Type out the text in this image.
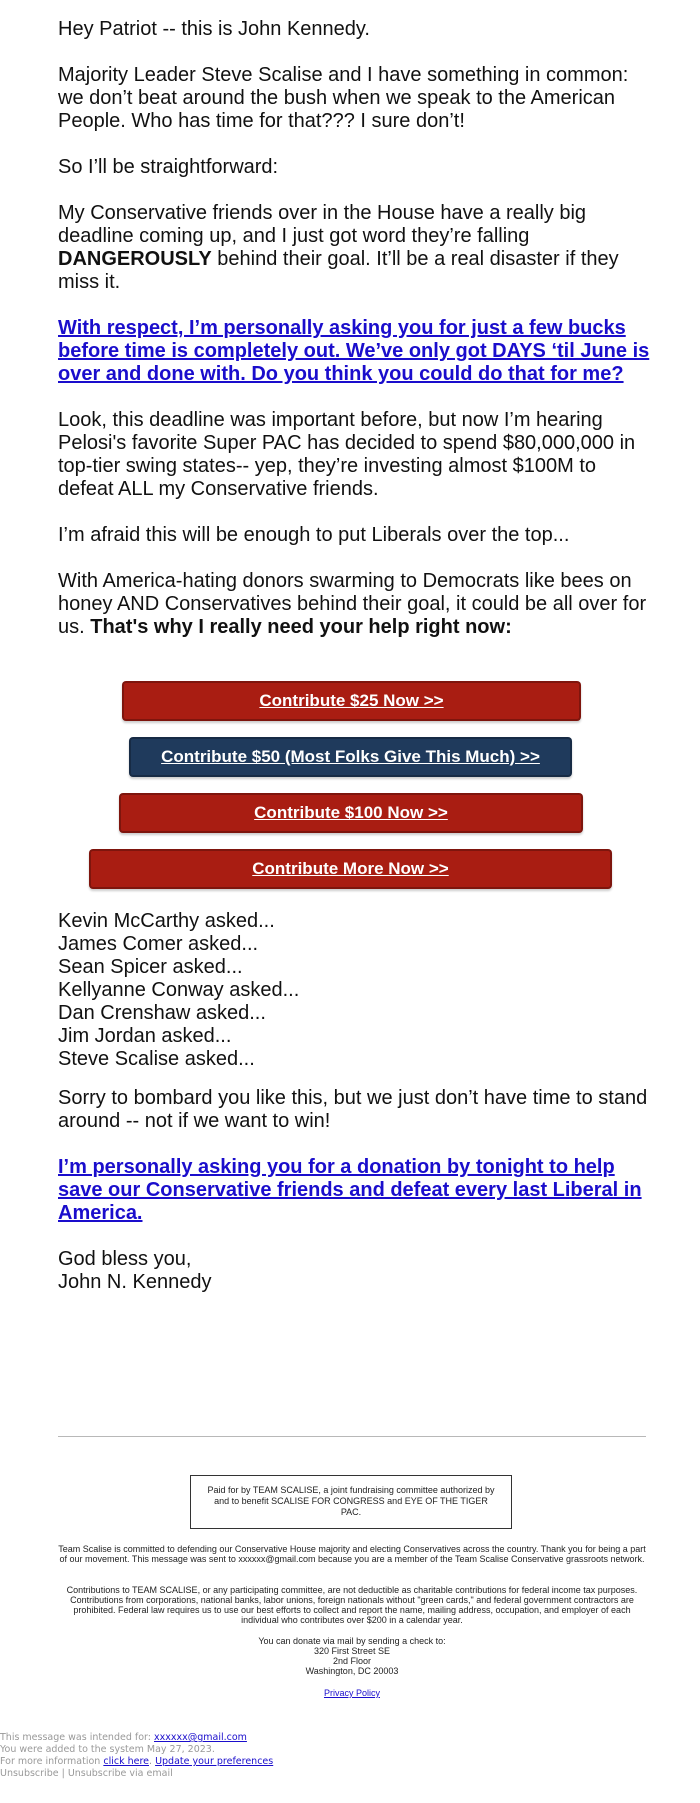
Hey Patriot -- this is John Kennedy.

Majority Leader Steve Scalise and I have something in common: we don’t beat around the bush when we speak to the American People. Who has time for that??? I sure don’t!

So I’ll be straightforward:

My Conservative friends over in the House have a really big deadline coming up, and I just got word they’re falling DANGEROUSLY behind their goal. It’ll be a real disaster if they miss it.

With respect, I’m personally asking you for just a few bucks before time is completely out. We’ve only got DAYS ‘til June is over and done with. Do you think you could do that for me?

Look, this deadline was important before, but now I’m hearing Pelosi's favorite Super PAC has decided to spend $80,000,000 in top-tier swing states-- yep, they’re investing almost $100M to defeat ALL my Conservative friends.

I’m afraid this will be enough to put Liberals over the top...

With America-hating donors swarming to Democrats like bees on honey AND Conservatives behind their goal, it could be all over for us. That's why I really need your help right now:

Contribute $25 Now >>
Contribute $50 (Most Folks Give This Much) >>
Contribute $100 Now >>
Contribute More Now >>
Kevin McCarthy asked...
James Comer asked...
Sean Spicer asked...
Kellyanne Conway asked...
Dan Crenshaw asked...
Jim Jordan asked...
Steve Scalise asked...

Sorry to bombard you like this, but we just don’t have time to stand around -- not if we want to win!

I’m personally asking you for a donation by tonight to help save our Conservative friends and defeat every last Liberal in America.

God bless you,
John N. Kennedy

Paid for by TEAM SCALISE, a joint fundraising committee authorized by and to benefit SCALISE FOR CONGRESS and EYE OF THE TIGER PAC.
Team Scalise is committed to defending our Conservative House majority and electing Conservatives across the country. Thank you for being a part of our movement. This message was sent to xxxxxx@gmail.com because you are a member of the Team Scalise Conservative grassroots network.
Contributions to TEAM SCALISE, or any participating committee, are not deductible as charitable contributions for federal income tax purposes. Contributions from corporations, national banks, labor unions, foreign nationals without "green cards," and federal government contractors are prohibited. Federal law requires us to use our best efforts to collect and report the name, mailing address, occupation, and employer of each individual who contributes over $200 in a calendar year.
You can donate via mail by sending a check to:
320 First Street SE
2nd Floor
Washington, DC 20003
Privacy Policy
This message was intended for: xxxxxx@gmail.com
You were added to the system May 27, 2023.
For more information click here. Update your preferences
Unsubscribe | Unsubscribe via email
